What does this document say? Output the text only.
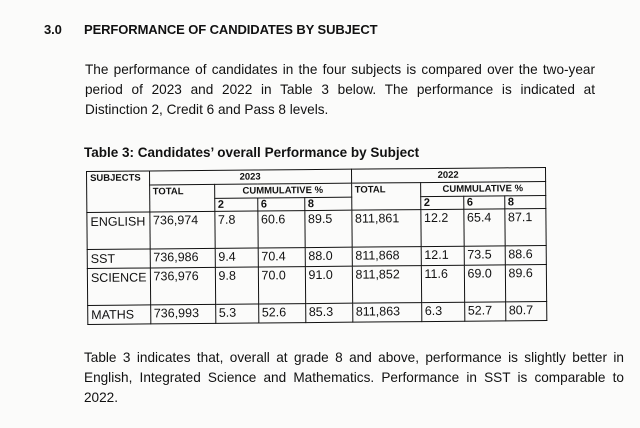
3.0	PERFORMANCE OF CANDIDATES BY SUBJECT

The performance of candidates in the four subjects is compared over the two-year period of 2023 and 2022 in Table 3 below. The performance is indicated at Distinction 2, Credit 6 and Pass 8 levels.

Table 3: Candidates’ overall Performance by Subject
SUBJECTS	2023				2022			
	TOTAL	CUMMULATIVE %			TOTAL	CUMMULATIVE %		
		2	6	8		2	6	8
ENGLISH	736,974	7.8	60.6	89.5	811,861	12.2	65.4	87.1
SST	736,986	9.4	70.4	88.0	811,868	12.1	73.5	88.6
SCIENCE	736,976	9.8	70.0	91.0	811,852	11.6	69.0	89.6
MATHS	736,993	5.3	52.6	85.3	811,863	6.3	52.7	80.7

Table 3 indicates that, overall at grade 8 and above, performance is slightly better in English, Integrated Science and Mathematics. Performance in SST is comparable to 2022.
